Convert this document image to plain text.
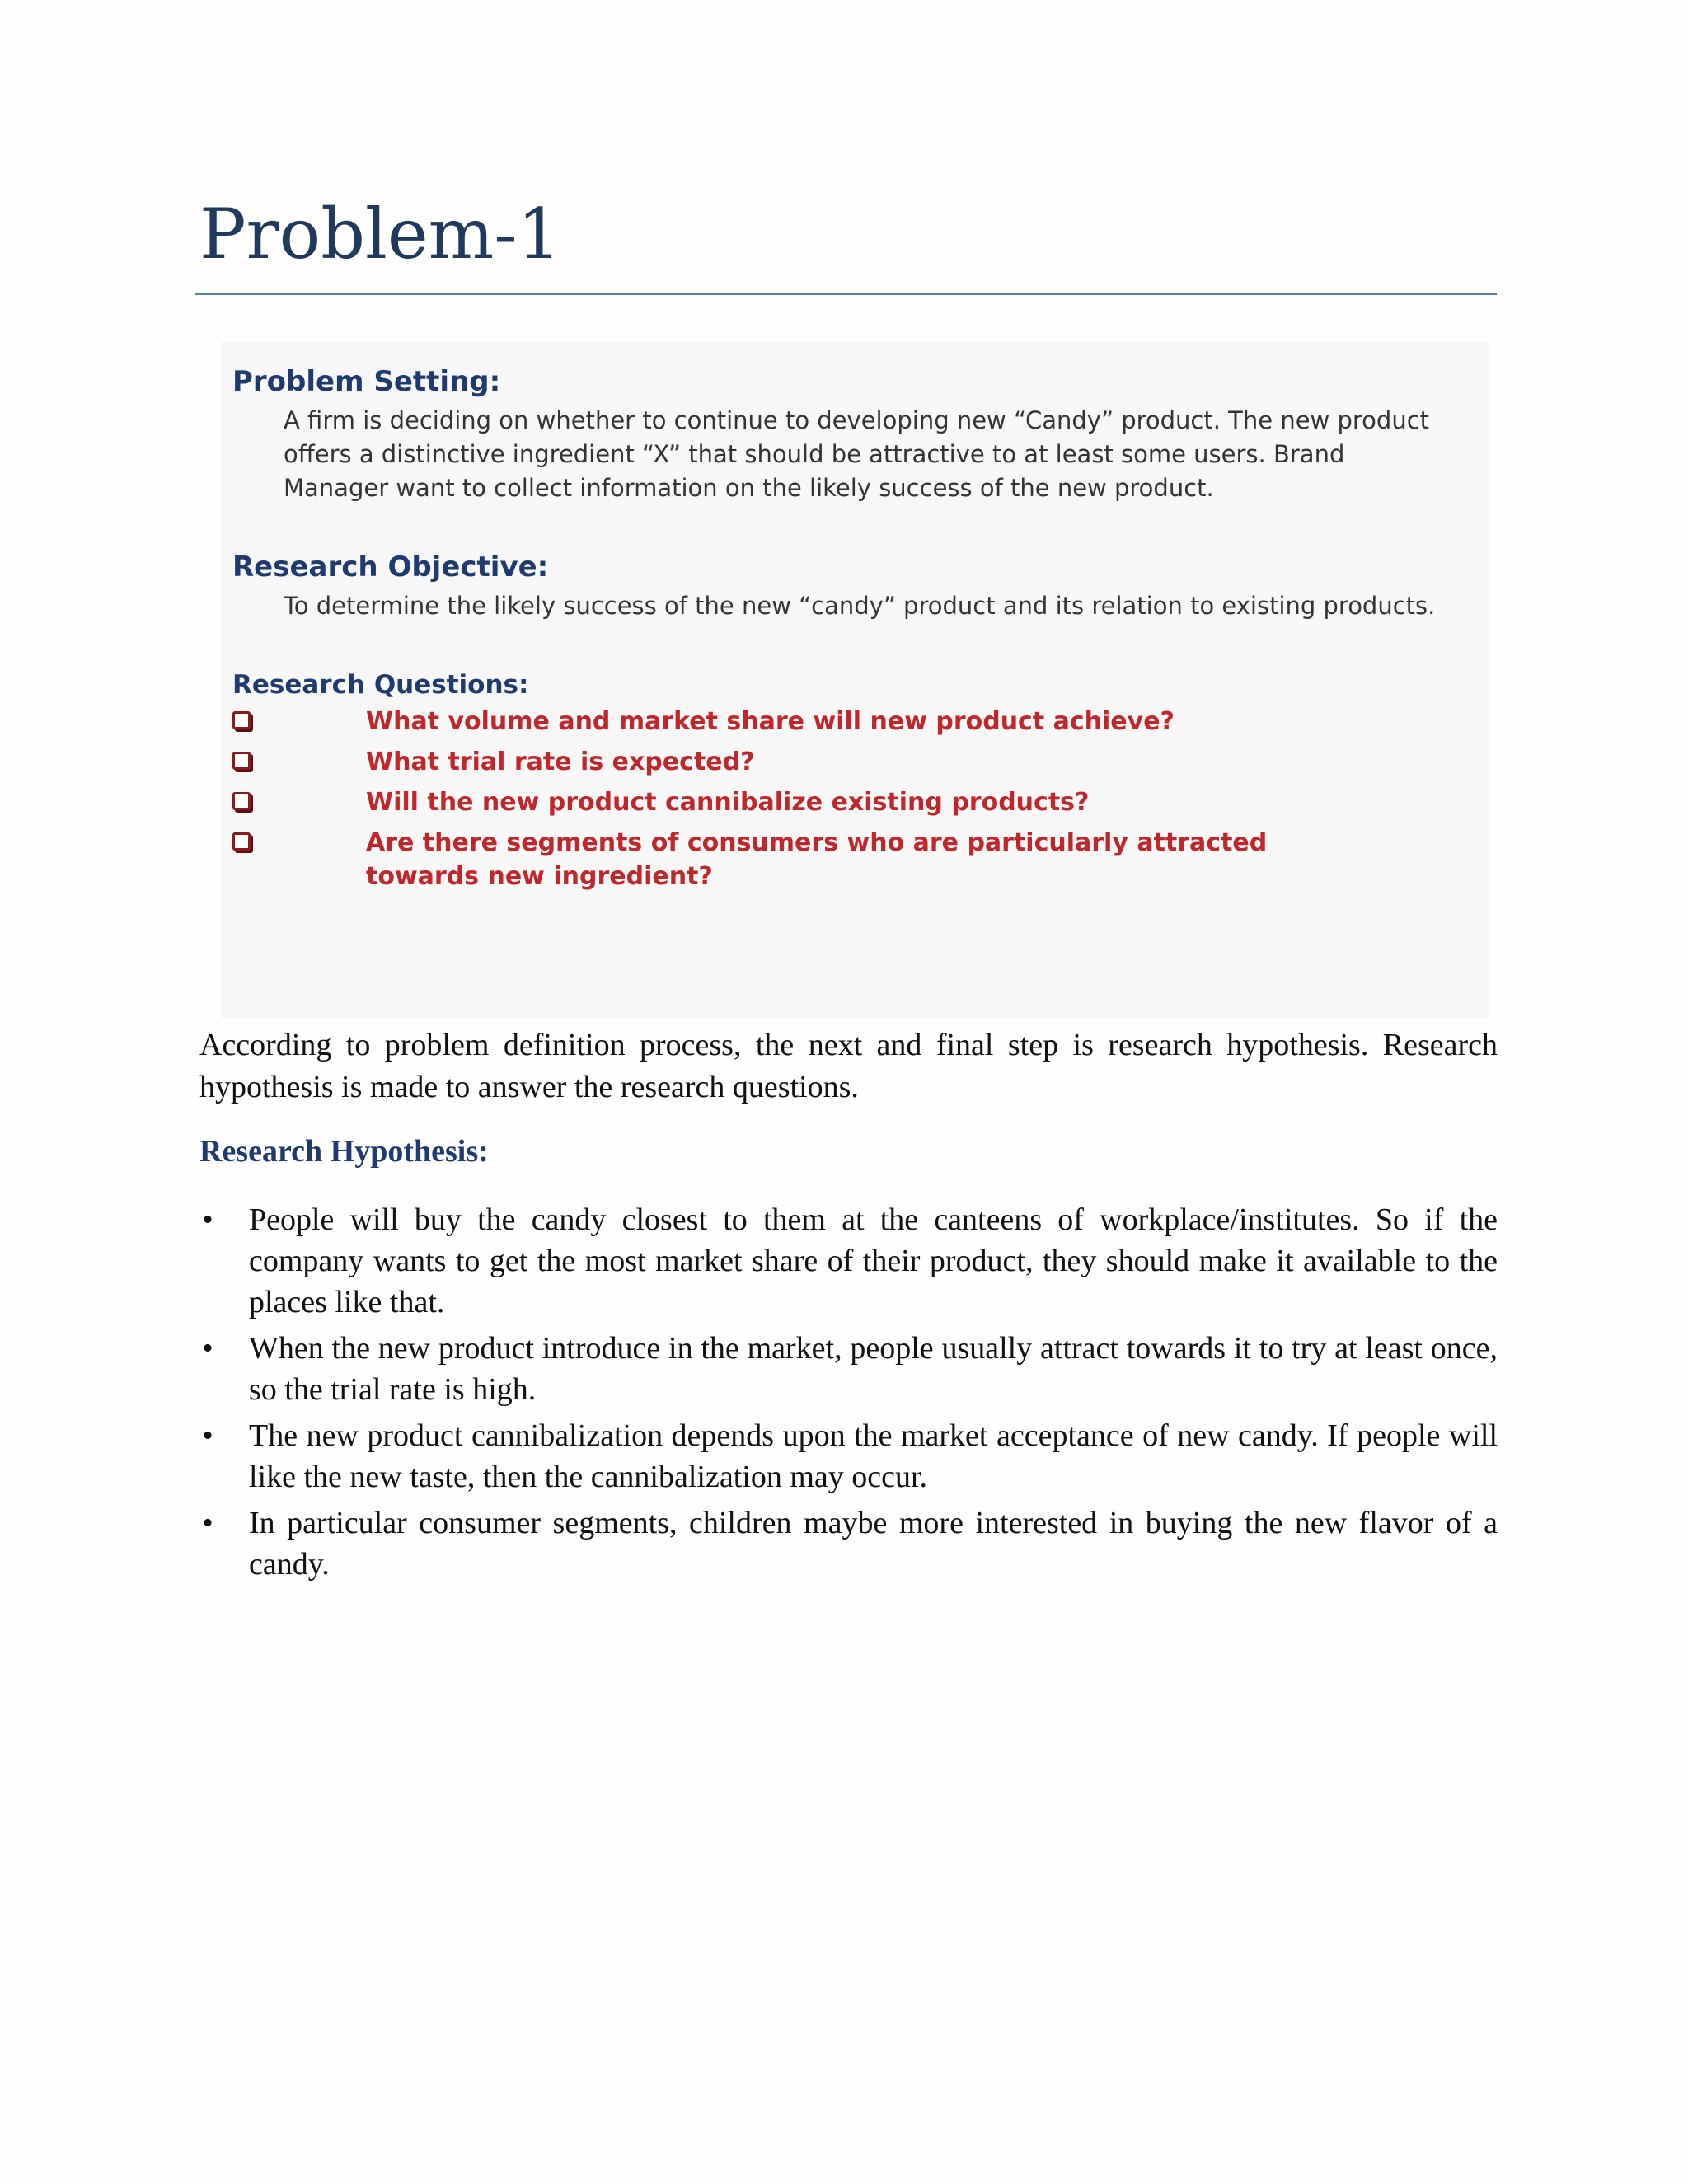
Problem-1
Problem Setting:

A firm is deciding on whether to continue to developing new “Candy” product. The new product offers a distinctive ingredient “X” that should be attractive to at least some users. Brand Manager want to collect information on the likely success of the new product.

Research Objective:

To determine the likely success of the new “candy” product and its relation to existing products.

Research Questions:
What volume and market share will new product achieve?
What trial rate is expected?
Will the new product cannibalize existing products?
Are there segments of consumers who are particularly attracted towards new ingredient?

According to problem definition process, the next and final step is research hypothesis. Research hypothesis is made to answer the research questions.

Research Hypothesis:
• People will buy the candy closest to them at the canteens of workplace/institutes. So if the company wants to get the most market share of their product, they should make it available to the places like that.
• When the new product introduce in the market, people usually attract towards it to try at least once, so the trial rate is high.
• The new product cannibalization depends upon the market acceptance of new candy. If people will like the new taste, then the cannibalization may occur.
• In particular consumer segments, children maybe more interested in buying the new flavor of a candy.
